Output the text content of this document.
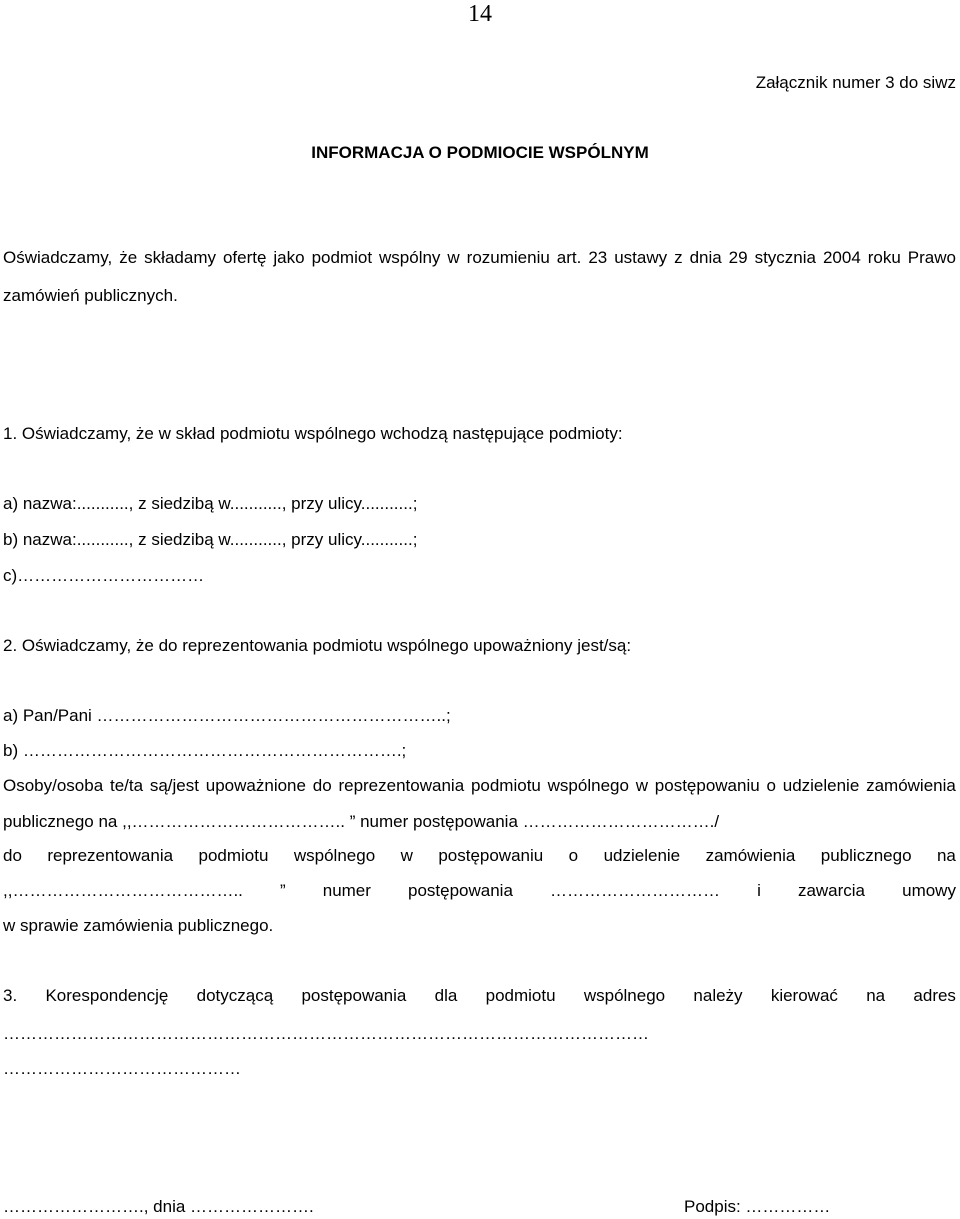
14
Załącznik numer 3 do siwz
INFORMACJA O PODMIOCIE WSPÓLNYM
Oświadczamy, że składamy ofertę jako podmiot wspólny w rozumieniu art. 23 ustawy z dnia 29 stycznia 2004 roku Prawo
zamówień publicznych.
1. Oświadczamy, że w skład podmiotu wspólnego wchodzą następujące podmioty:
a) nazwa:..........., z siedzibą w..........., przy ulicy...........;
b) nazwa:..........., z siedzibą w..........., przy ulicy...........;
c)……………………………
2. Oświadczamy, że do reprezentowania podmiotu wspólnego upoważniony jest/są:
a) Pan/Pani ……………………………………………………..;
b) ………………………………………………………….;
Osoby/osoba te/ta są/jest upoważnione do reprezentowania podmiotu wspólnego w postępowaniu o udzielenie zamówienia
publicznego na ,,……………………………….. ” numer postępowania ……………………………./
do reprezentowania podmiotu wspólnego w postępowaniu o udzielenie zamówienia publicznego na
,,………………………………….. ” numer postępowania ………………………… i zawarcia umowy
w sprawie zamówienia publicznego.
3. Korespondencję dotyczącą postępowania dla podmiotu wspólnego należy kierować na adres
……………………………………………………………………………………………………
……………………………………
……………………., dnia ………………….	Podpis: ……………
